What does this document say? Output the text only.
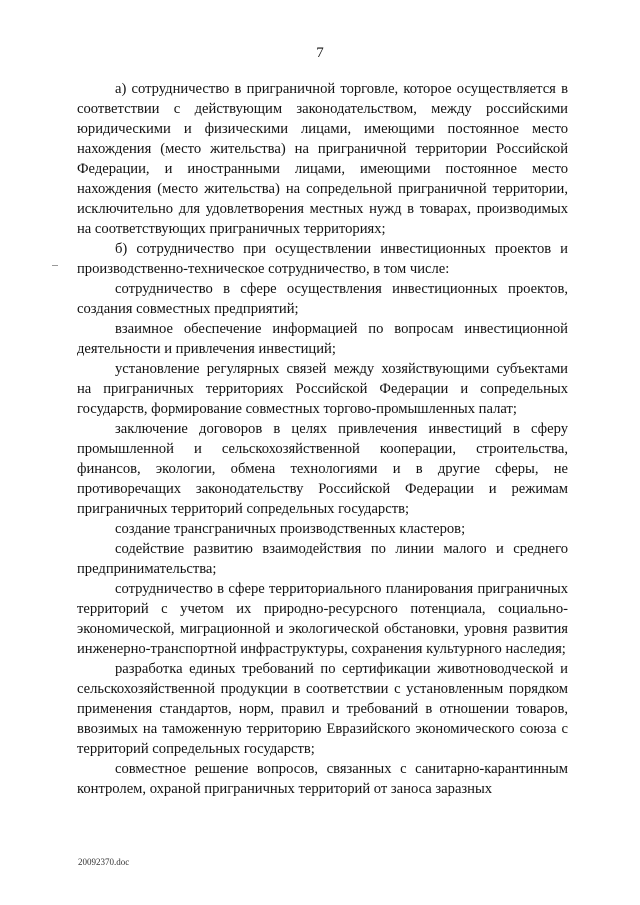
7

а) сотрудничество в приграничной торговле, которое осуществляется в соответствии с действующим законодательством, между российскими юридическими и физическими лицами, имеющими постоянное место нахождения (место жительства) на приграничной территории Российской Федерации, и иностранными лицами, имеющими постоянное место нахождения (место жительства) на сопредельной приграничной территории, исключительно для удовлетворения местных нужд в товарах, производимых на соответствующих приграничных территориях;

б) сотрудничество при осуществлении инвестиционных проектов и производственно-техническое сотрудничество, в том числе:

сотрудничество в сфере осуществления инвестиционных проектов, создания совместных предприятий;

взаимное обеспечение информацией по вопросам инвестиционной деятельности и привлечения инвестиций;

установление регулярных связей между хозяйствующими субъектами на приграничных территориях Российской Федерации и сопредельных государств, формирование совместных торгово-промышленных палат;

заключение договоров в целях привлечения инвестиций в сферу промышленной и сельскохозяйственной кооперации, строительства, финансов, экологии, обмена технологиями и в другие сферы, не противоречащих законодательству Российской Федерации и режимам приграничных территорий сопредельных государств;

создание трансграничных производственных кластеров;

содействие развитию взаимодействия по линии малого и среднего предпринимательства;

сотрудничество в сфере территориального планирования приграничных территорий с учетом их природно-ресурсного потенциала, социально-экономической, миграционной и экологической обстановки, уровня развития инженерно-транспортной инфраструктуры, сохранения культурного наследия;

разработка единых требований по сертификации животноводческой и сельскохозяйственной продукции в соответствии с установленным порядком применения стандартов, норм, правил и требований в отношении товаров, ввозимых на таможенную территорию Евразийского экономического союза с территорий сопредельных государств;

совместное решение вопросов, связанных с санитарно-карантинным контролем, охраной приграничных территорий от заноса заразных

20092370.doc
